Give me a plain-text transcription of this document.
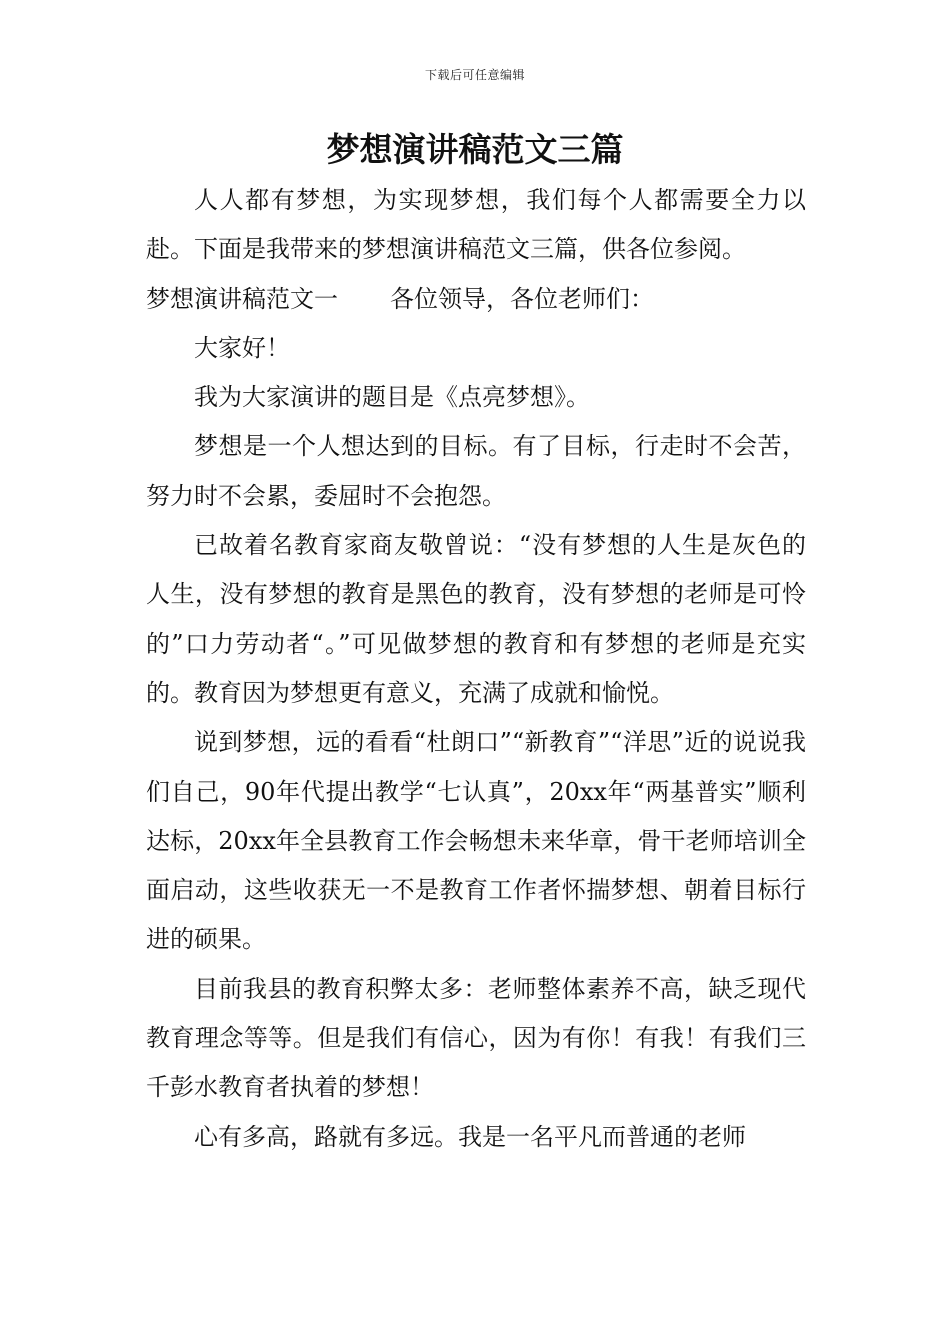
下载后可任意编辑
梦想演讲稿范文三篇

人人都有梦想，为实现梦想，我们每个人都需要全力以赴。下面是我带来的梦想演讲稿范文三篇，供各位参阅。

梦想演讲稿范文一 各位领导，各位老师们：

大家好！

我为大家演讲的题目是《点亮梦想》。

梦想是一个人想达到的目标。有了目标，行走时不会苦，努力时不会累，委屈时不会抱怨。

已故着名教育家商友敬曾说：“没有梦想的人生是灰色的人生，没有梦想的教育是黑色的教育，没有梦想的老师是可怜的”口力劳动者“。”可见做梦想的教育和有梦想的老师是充实的。教育因为梦想更有意义，充满了成就和愉悦。

说到梦想，远的看看“杜朗口”“新教育”“洋思”近的说说我们自己，90年代提出教学“七认真”，20xx年“两基普实”顺利达标，20xx年全县教育工作会畅想未来华章，骨干老师培训全面启动，这些收获无一不是教育工作者怀揣梦想、朝着目标行进的硕果。

目前我县的教育积弊太多：老师整体素养不高，缺乏现代教育理念等等。但是我们有信心，因为有你！有我！有我们三千彭水教育者执着的梦想！

心有多高，路就有多远。我是一名平凡而普通的老师
